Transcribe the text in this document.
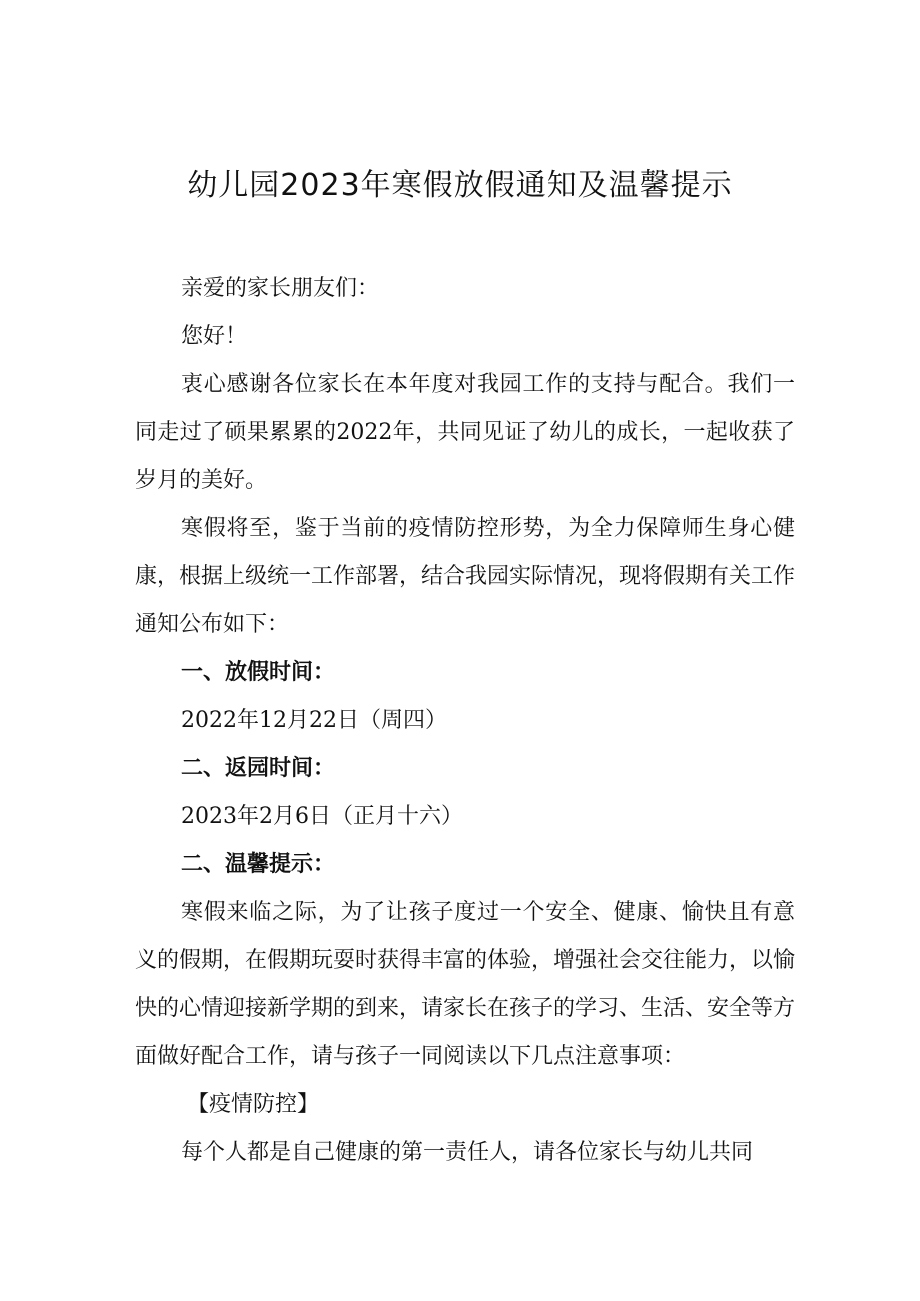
幼儿园2023年寒假放假通知及温馨提示

亲爱的家长朋友们：

您好！

衷心感谢各位家长在本年度对我园工作的支持与配合。我们一同走过了硕果累累的2022年，共同见证了幼儿的成长，一起收获了岁月的美好。

寒假将至，鉴于当前的疫情防控形势，为全力保障师生身心健康，根据上级统一工作部署，结合我园实际情况，现将假期有关工作通知公布如下：

一、放假时间：

2022年12月22日（周四）

二、返园时间：

2023年2月6日（正月十六）

二、温馨提示：

寒假来临之际，为了让孩子度过一个安全、健康、愉快且有意义的假期，在假期玩耍时获得丰富的体验，增强社会交往能力，以愉快的心情迎接新学期的到来，请家长在孩子的学习、生活、安全等方面做好配合工作，请与孩子一同阅读以下几点注意事项：

【疫情防控】

每个人都是自己健康的第一责任人，请各位家长与幼儿共同
